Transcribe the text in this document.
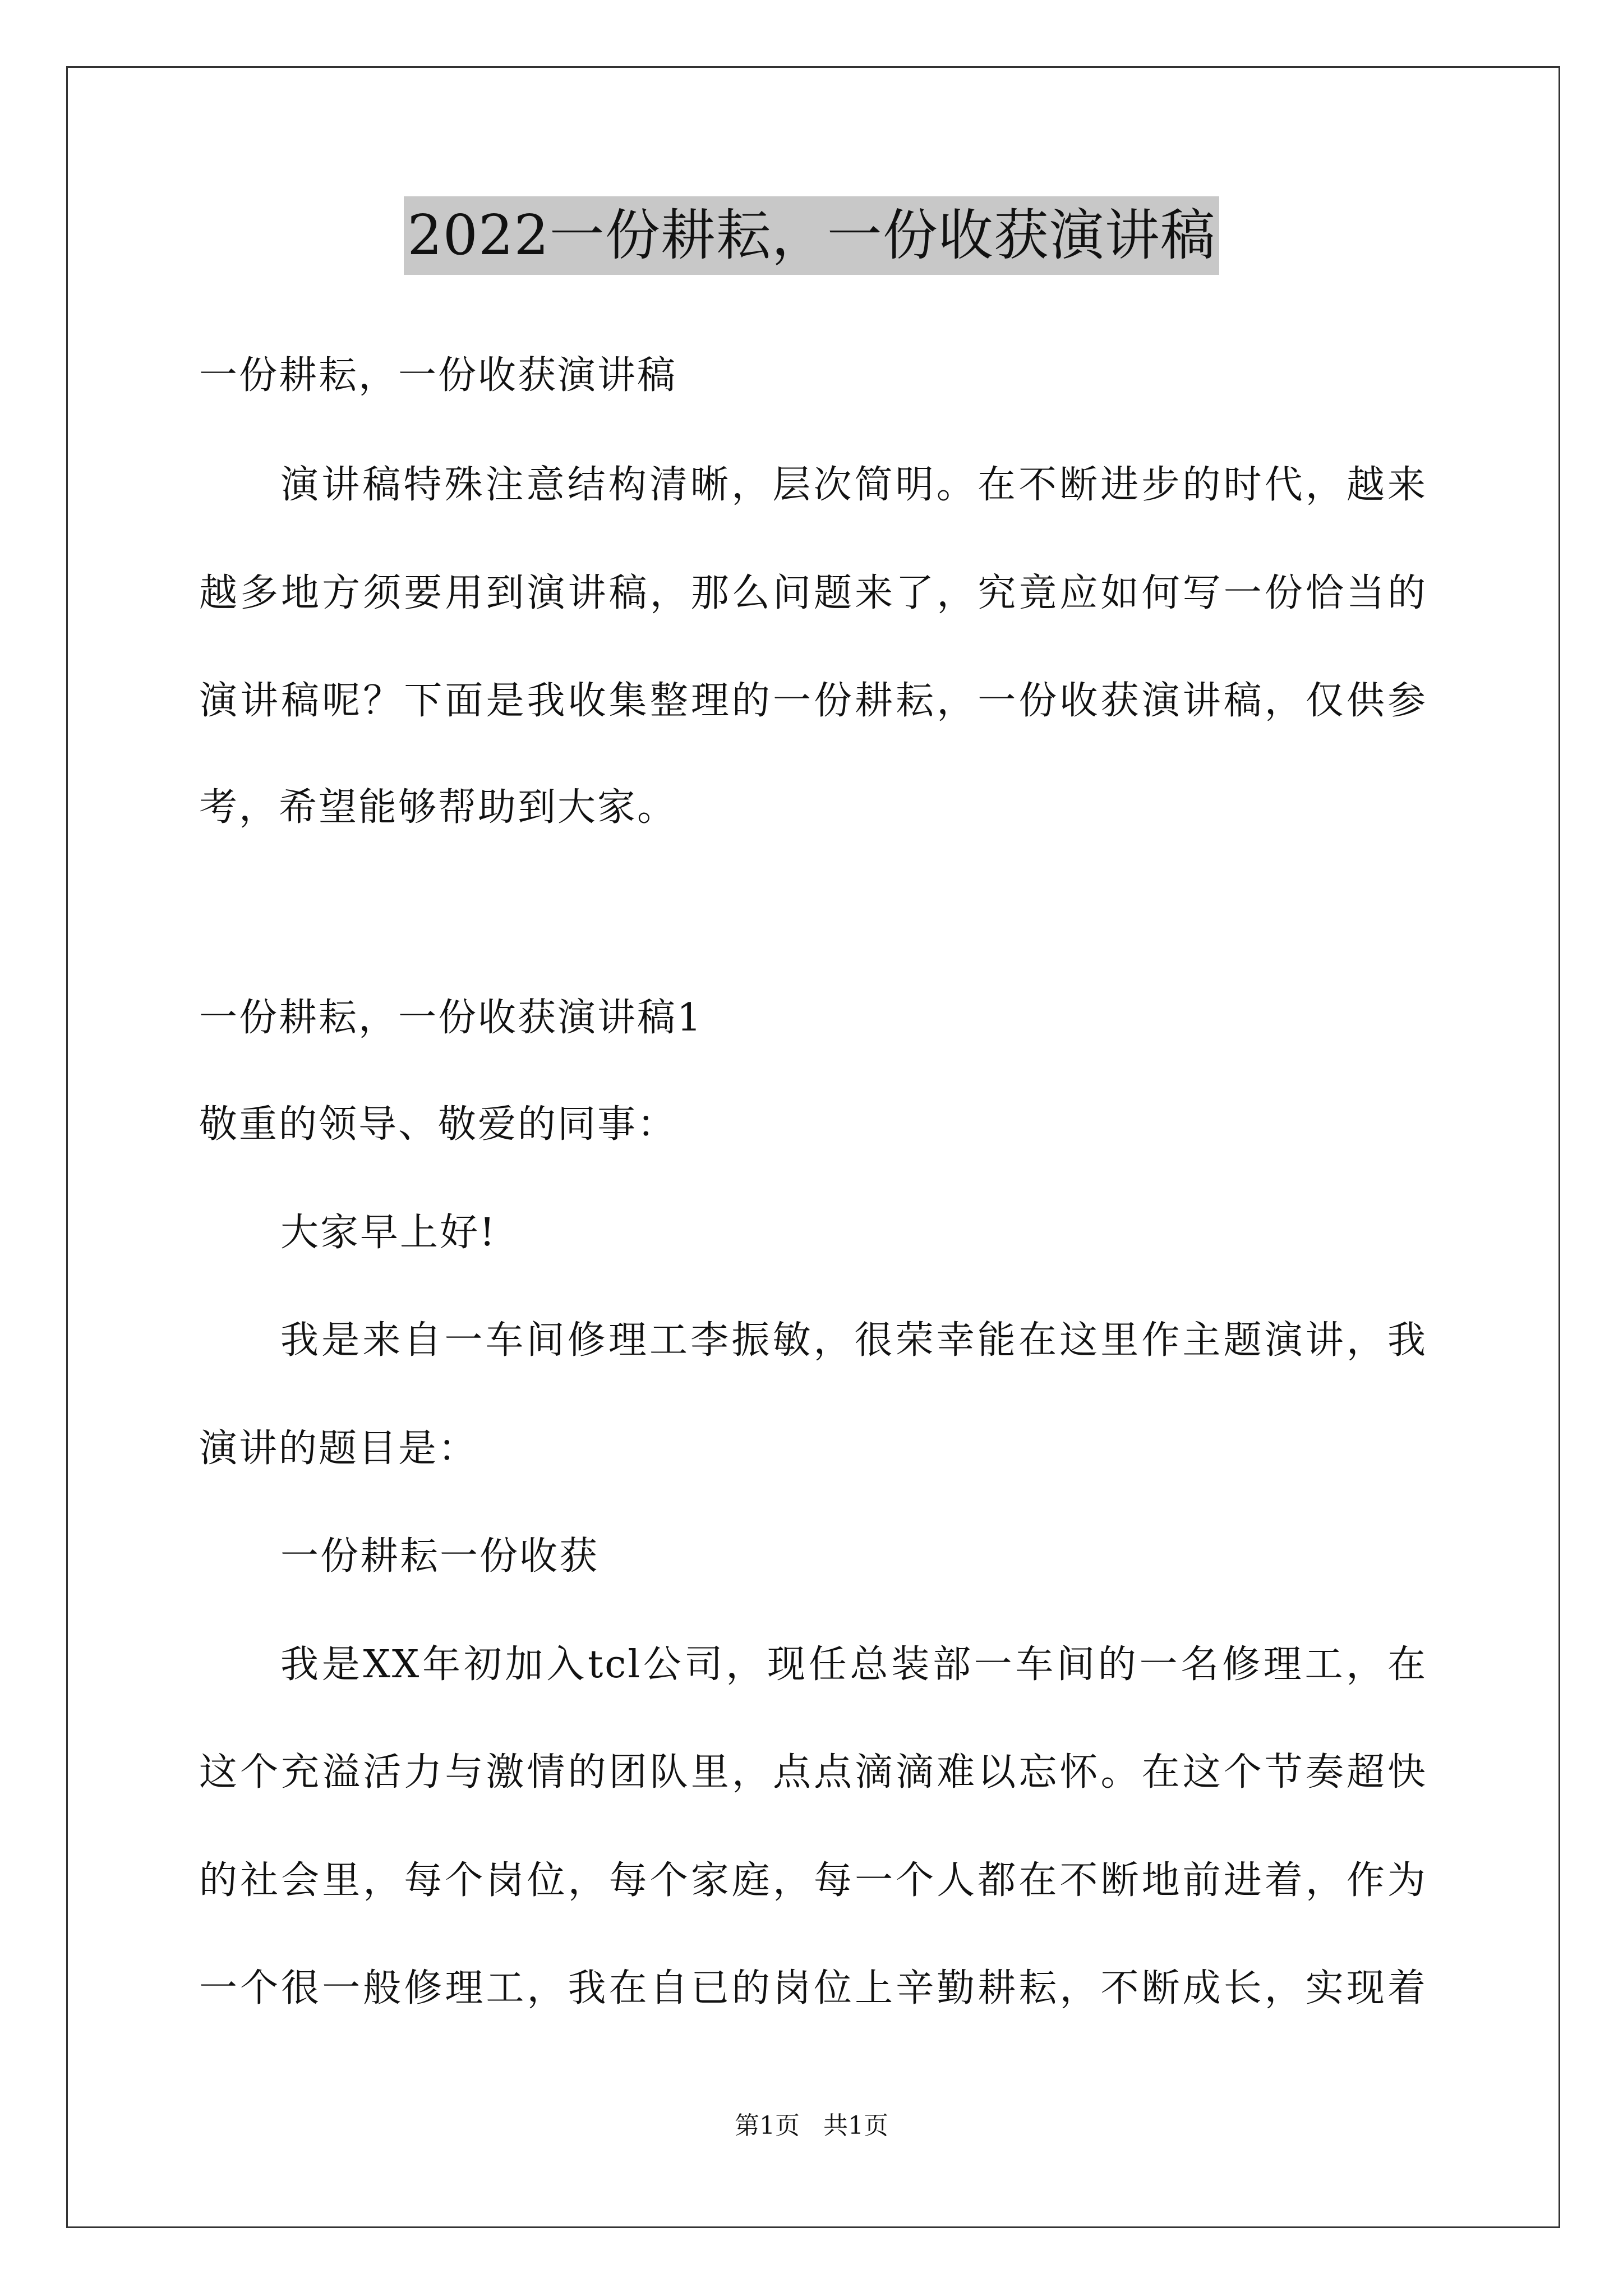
2022一份耕耘，一份收获演讲稿
一份耕耘，一份收获演讲稿
演讲稿特殊注意结构清晰，层次简明。在不断进步的时代，越来
越多地方须要用到演讲稿，那么问题来了，究竟应如何写一份恰当的
演讲稿呢？下面是我收集整理的一份耕耘，一份收获演讲稿，仅供参
考，希望能够帮助到大家。
一份耕耘，一份收获演讲稿1
敬重的领导、敬爱的同事：
大家早上好!
我是来自一车间修理工李振敏，很荣幸能在这里作主题演讲，我
演讲的题目是：
一份耕耘一份收获
我是XX年初加入tcl公司，现任总装部一车间的一名修理工，在
这个充溢活力与激情的团队里，点点滴滴难以忘怀。在这个节奏超快
的社会里，每个岗位，每个家庭，每一个人都在不断地前进着，作为
一个很一般修理工，我在自已的岗位上辛勤耕耘，不断成长，实现着
第1页   共1页
